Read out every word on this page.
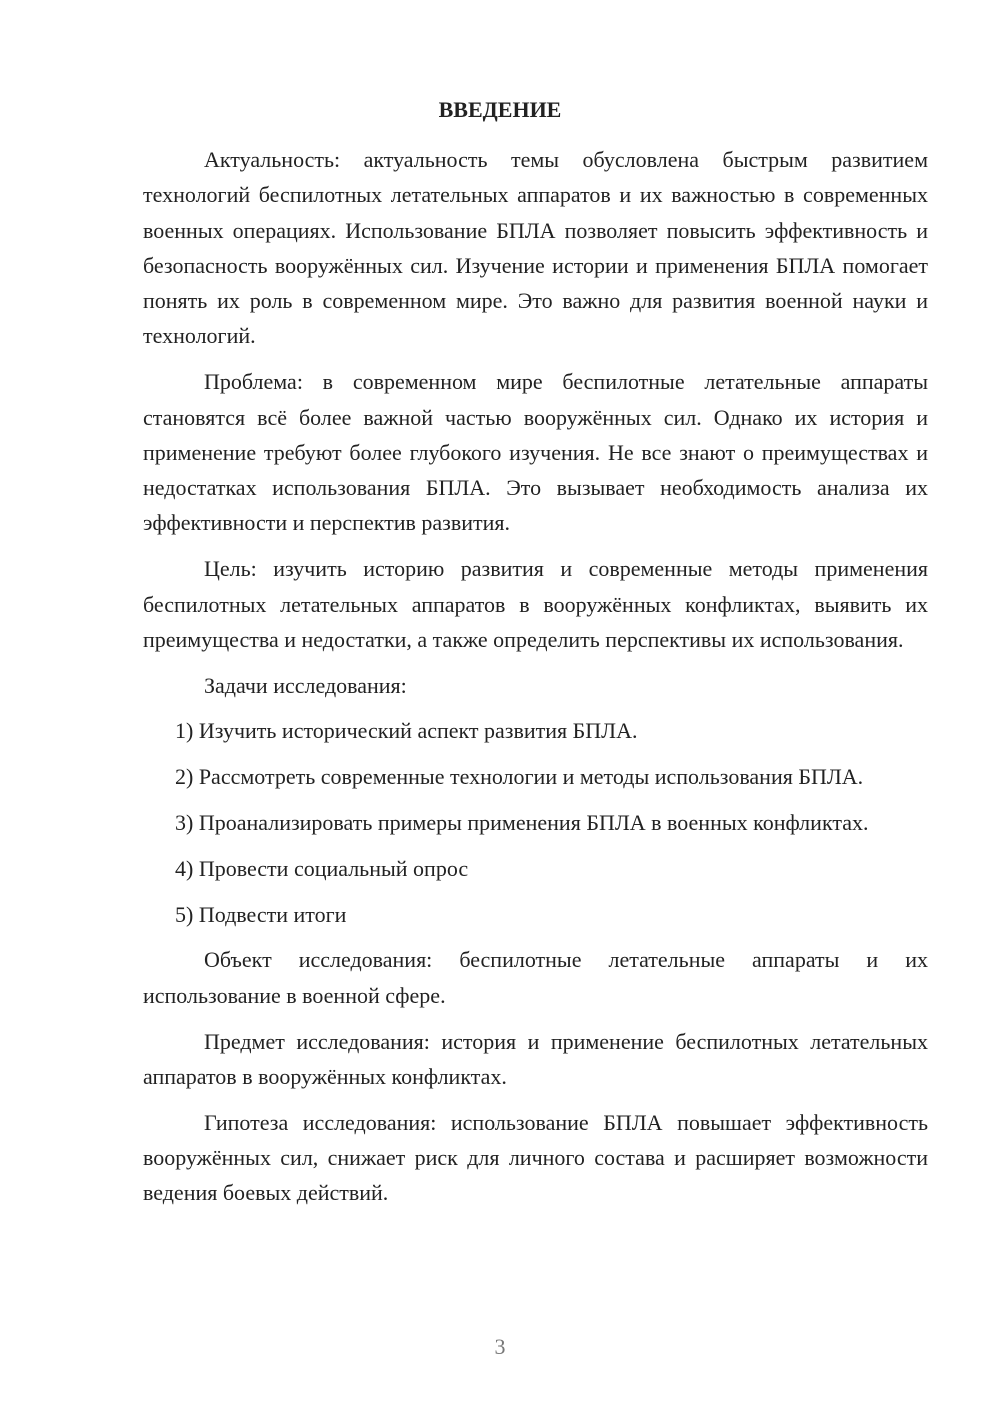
ВВЕДЕНИЕ

Актуальность: актуальность темы обусловлена быстрым развитием технологий беспилотных летательных аппаратов и их важностью в современных военных операциях. Использование БПЛА позволяет повысить эффективность и безопасность вооружённых сил. Изучение истории и применения БПЛА помогает понять их роль в современном мире. Это важно для развития военной науки и технологий.

Проблема: в современном мире беспилотные летательные аппараты становятся всё более важной частью вооружённых сил. Однако их история и применение требуют более глубокого изучения. Не все знают о преимуществах и недостатках использования БПЛА. Это вызывает необходимость анализа их эффективности и перспектив развития.

Цель: изучить историю развития и современные методы применения беспилотных летательных аппаратов в вооружённых конфликтах, выявить их преимущества и недостатки, а также определить перспективы их использования.

Задачи исследования:

1) Изучить исторический аспект развития БПЛА.

2) Рассмотреть современные технологии и методы использования БПЛА.

3) Проанализировать примеры применения БПЛА в военных конфликтах.

4) Провести социальный опрос

5) Подвести итоги

Объект исследования: беспилотные летательные аппараты и их использование в военной сфере.

Предмет исследования: история и применение беспилотных летательных аппаратов в вооружённых конфликтах.

Гипотеза исследования: использование БПЛА повышает эффективность вооружённых сил, снижает риск для личного состава и расширяет возможности ведения боевых действий.

3
